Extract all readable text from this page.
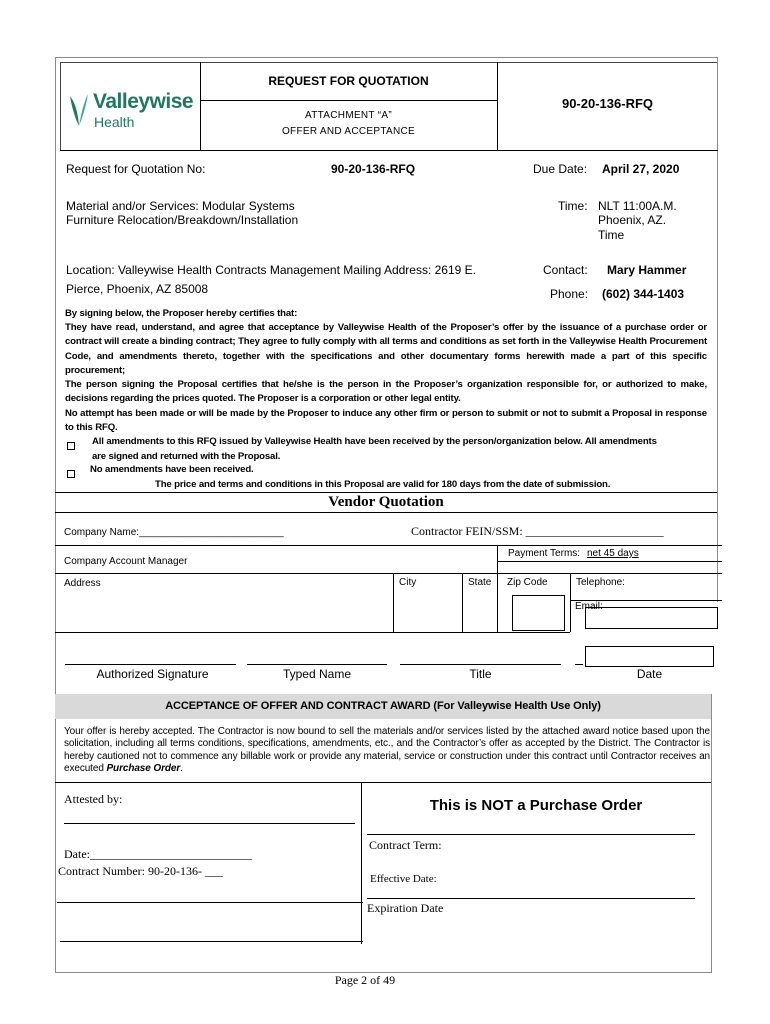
Valleywise
Health
REQUEST FOR QUOTATION
ATTACHMENT “A”
OFFER AND ACCEPTANCE
90-20-136-RFQ
Request for Quotation No:	90-20-136-RFQ	Due Date: April 27, 2020
Material and/or Services: Modular Systems
Furniture Relocation/Breakdown/Installation
Time: NLT 11:00A.M.
Phoenix, AZ.
Time
Location: Valleywise Health Contracts Management Mailing Address: 2619 E.
Pierce, Phoenix, AZ 85008
Contact: Mary Hammer
Phone: (602) 344-1403
By signing below, the Proposer hereby certifies that:
They have read, understand, and agree that acceptance by Valleywise Health of the Proposer’s offer by the issuance of a purchase order or contract will create a binding contract; They agree to fully comply with all terms and conditions as set forth in the Valleywise Health Procurement Code, and amendments thereto, together with the specifications and other documentary forms herewith made a part of this specific procurement;
The person signing the Proposal certifies that he/she is the person in the Proposer’s organization responsible for, or authorized to make, decisions regarding the prices quoted. The Proposer is a corporation or other legal entity.
No attempt has been made or will be made by the Proposer to induce any other firm or person to submit or not to submit a Proposal in response to this RFQ.
All amendments to this RFQ issued by Valleywise Health have been received by the person/organization below. All amendments
are signed and returned with the Proposal.
No amendments have been received.
The price and terms and conditions in this Proposal are valid for 180 days from the date of submission.
Vendor Quotation
Company Name:__________________________	Contractor FEIN/SSM: _______________________
Payment Terms: net 45 days
Company Account Manager
Address	City	State Zip Code	Telephone:
Email:
Authorized Signature	Typed Name	Title	Date
ACCEPTANCE OF OFFER AND CONTRACT AWARD (For Valleywise Health Use Only)
Your offer is hereby accepted. The Contractor is now bound to sell the materials and/or services listed by the attached award notice based upon the solicitation, including all terms conditions, specifications, amendments, etc., and the Contractor’s offer as accepted by the District. The Contractor is hereby cautioned not to commence any billable work or provide any material, service or construction under this contract until Contractor receives an executed Purchase Order.
Attested by:
Date:___________________________
Contract Number: 90-20-136- ___
This is NOT a Purchase Order
Contract Term:
Effective Date:
Expiration Date
Page 2 of 49
